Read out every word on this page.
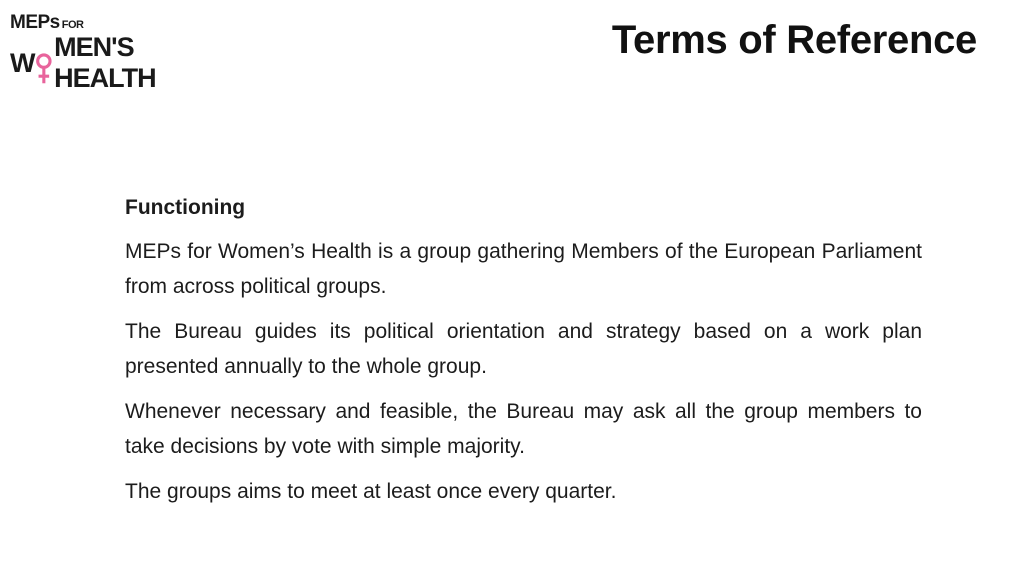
MEPs FOR
W
MEN'S HEALTH
Terms of Reference
Functioning

MEPs for Women’s Health is a group gathering Members of the European Parliament from across political groups.

The Bureau guides its political orientation and strategy based on a work plan presented annually to the whole group.

Whenever necessary and feasible, the Bureau may ask all the group members to take decisions by vote with simple majority.

The groups aims to meet at least once every quarter.
